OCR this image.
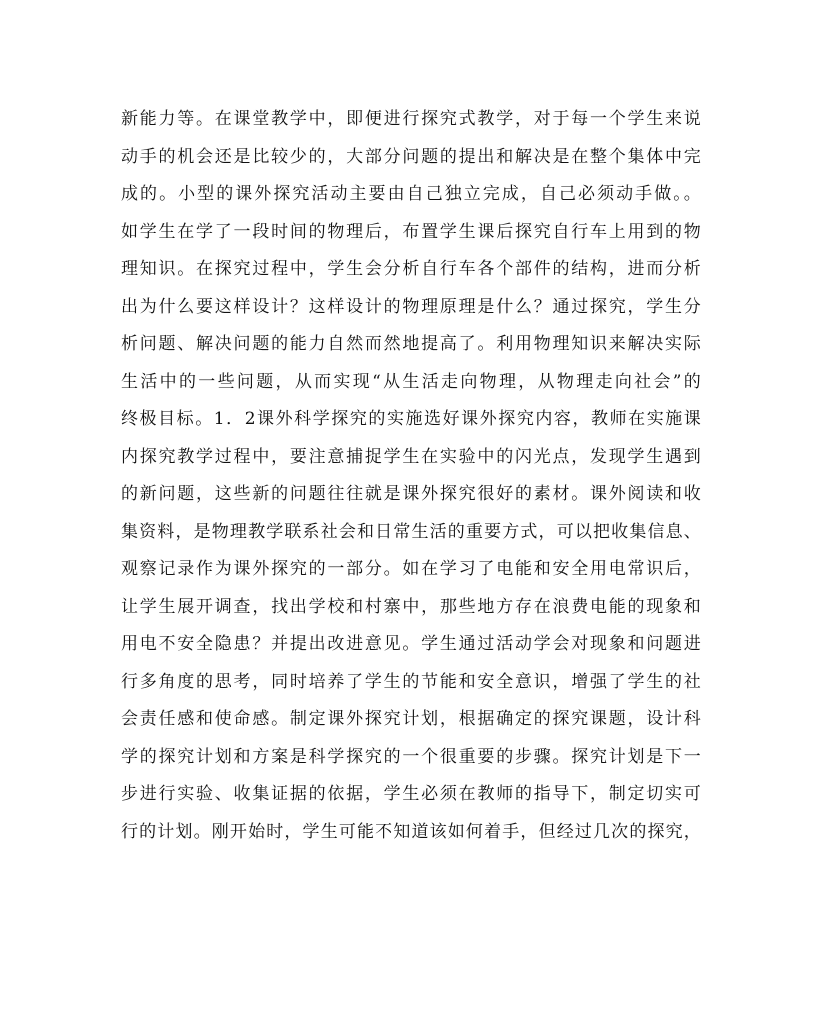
新能力等。在课堂教学中，即便进行探究式教学，对于每一个学生来说
动手的机会还是比较少的，大部分问题的提出和解决是在整个集体中完
成的。小型的课外探究活动主要由自己独立完成，自己必须动手做。。
如学生在学了一段时间的物理后，布置学生课后探究自行车上用到的物
理知识。在探究过程中，学生会分析自行车各个部件的结构，进而分析
出为什么要这样设计？这样设计的物理原理是什么？通过探究，学生分
析问题、解决问题的能力自然而然地提高了。利用物理知识来解决实际
生活中的一些问题，从而实现“从生活走向物理，从物理走向社会”的
终极目标。1．2课外科学探究的实施选好课外探究内容，教师在实施课
内探究教学过程中，要注意捕捉学生在实验中的闪光点，发现学生遇到
的新问题，这些新的问题往往就是课外探究很好的素材。课外阅读和收
集资料，是物理教学联系社会和日常生活的重要方式，可以把收集信息、
观察记录作为课外探究的一部分。如在学习了电能和安全用电常识后，
让学生展开调查，找出学校和村寨中，那些地方存在浪费电能的现象和
用电不安全隐患？并提出改进意见。学生通过活动学会对现象和问题进
行多角度的思考，同时培养了学生的节能和安全意识，增强了学生的社
会责任感和使命感。制定课外探究计划，根据确定的探究课题，设计科
学的探究计划和方案是科学探究的一个很重要的步骤。探究计划是下一
步进行实验、收集证据的依据，学生必须在教师的指导下，制定切实可
行的计划。刚开始时，学生可能不知道该如何着手，但经过几次的探究，
